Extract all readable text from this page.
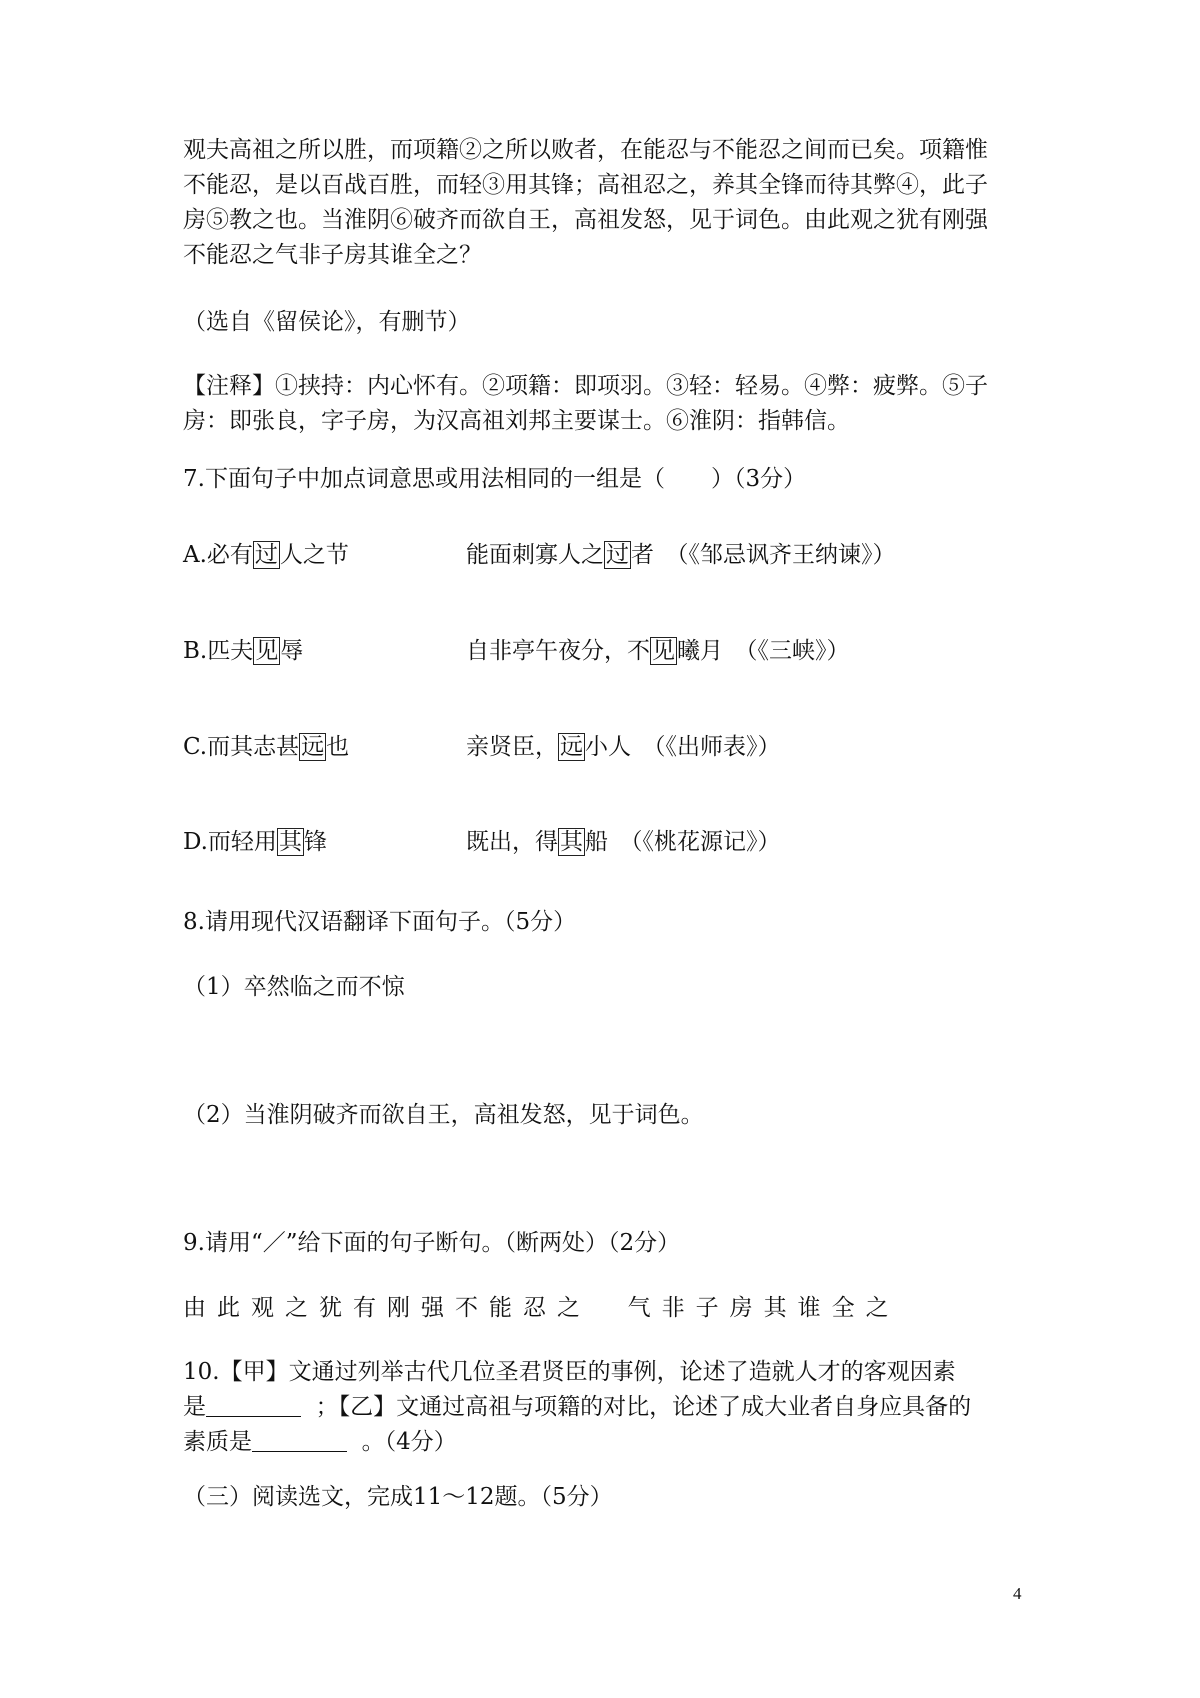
观夫高祖之所以胜，而项籍②之所以败者，在能忍与不能忍之间而已矣。项籍惟

不能忍，是以百战百胜，而轻③用其锋；高祖忍之，养其全锋而待其弊④，此子

房⑤教之也。当淮阴⑥破齐而欲自王，高祖发怒，见于词色。由此观之犹有刚强

不能忍之气非子房其谁全之？

（选自《留侯论》，有删节）

【注释】①挟持：内心怀有。②项籍：即项羽。③轻：轻易。④弊：疲弊。⑤子

房：即张良，字子房，为汉高祖刘邦主要谋士。⑥淮阴：指韩信。

7.下面句子中加点词意思或用法相同的一组是（　　）（3分）
A.必有过人之节	能面刺寡人之过者　（《邹忌讽齐王纳谏》）
B.匹夫见辱	自非亭午夜分，不见曦月　（《三峡》）
C.而其志甚远也	亲贤臣，远小人　（《出师表》）
D.而轻用其锋	既出，得其船　（《桃花源记》）
8.请用现代汉语翻译下面句子。（5分）
（1）卒然临之而不惊
（2）当淮阴破齐而欲自王，高祖发怒，见于词色。
9.请用“／”给下面的句子断句。（断两处）（2分）
由此观之犹有刚强不能忍之 气非子房其谁全之

10.【甲】文通过列举古代几位圣君贤臣的事例，论述了造就人才的客观因素

是	；【乙】文通过高祖与项籍的对比，论述了成大业者自身应具备的

素质是	。（4分）

（三）阅读选文，完成11～12题。（5分）
4
